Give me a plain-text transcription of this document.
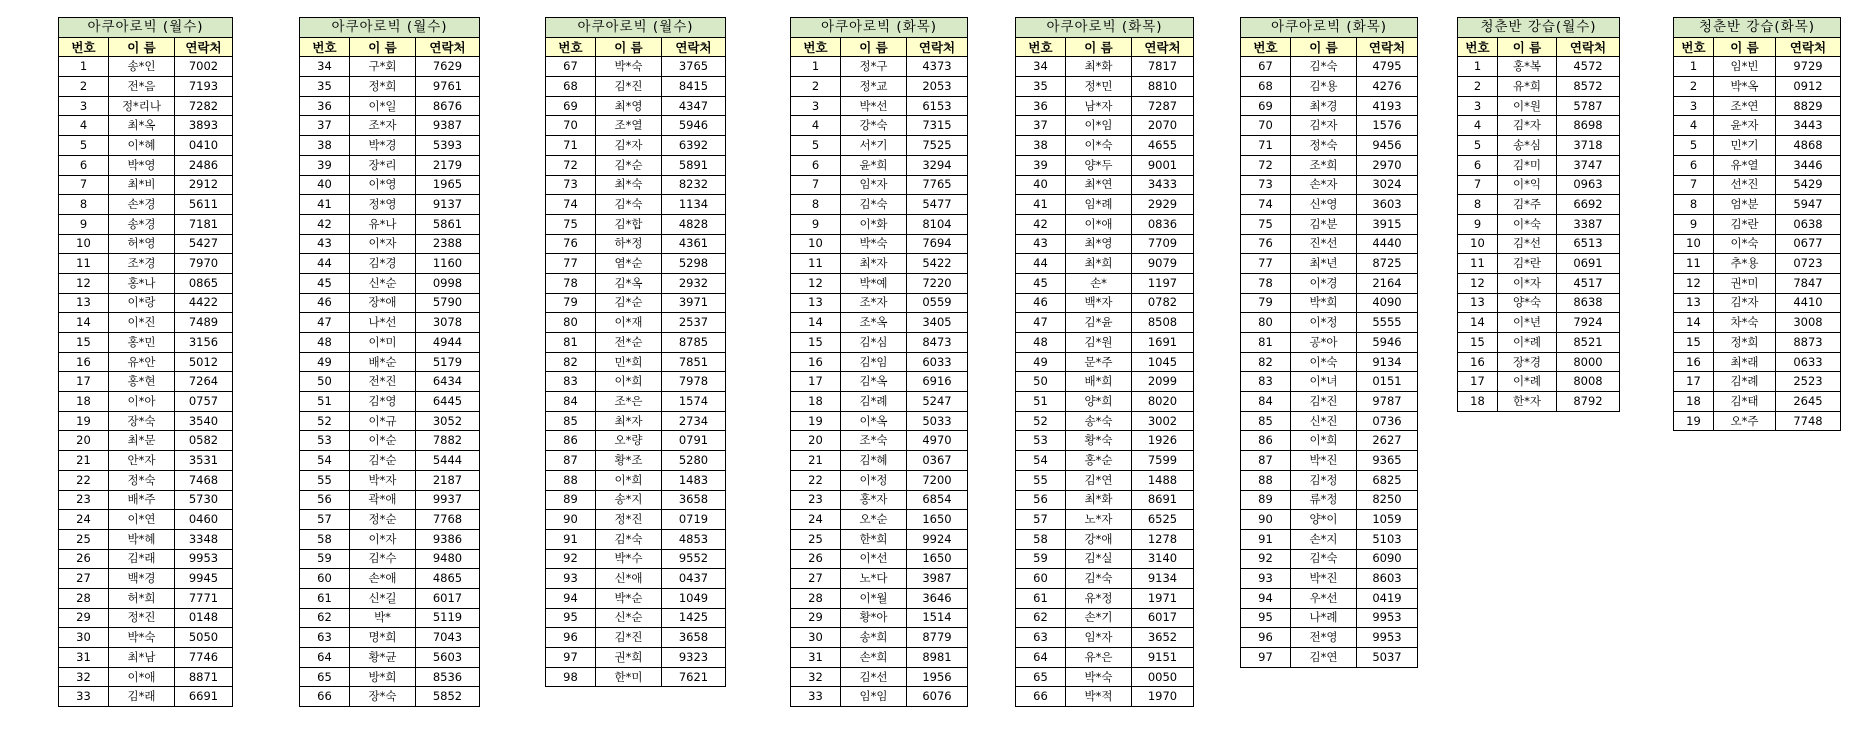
아쿠아로빅 (월수)		
번호	이 름	연락처
1	송*인	7002
2	전*음	7193
3	정*리나	7282
4	최*옥	3893
5	이*혜	0410
6	박*영	2486
7	최*비	2912
8	손*경	5611
9	송*경	7181
10	허*영	5427
11	조*경	7970
12	홍*나	0865
13	이*랑	4422
14	이*진	7489
15	홍*민	3156
16	유*안	5012
17	홍*현	7264
18	이*아	0757
19	장*숙	3540
20	최*문	0582
21	안*자	3531
22	정*숙	7468
23	배*주	5730
24	이*연	0460
25	박*혜	3348
26	김*래	9953
27	백*경	9945
28	허*희	7771
29	정*진	0148
30	박*숙	5050
31	최*남	7746
32	이*애	8871
33	김*래	6691
아쿠아로빅 (월수)		
번호	이 름	연락처
34	구*회	7629
35	정*희	9761
36	이*일	8676
37	조*자	9387
38	박*경	5393
39	장*리	2179
40	이*영	1965
41	정*영	9137
42	유*나	5861
43	이*자	2388
44	김*경	1160
45	신*순	0998
46	장*애	5790
47	나*선	3078
48	이*미	4944
49	배*순	5179
50	전*진	6434
51	김*영	6445
52	이*규	3052
53	이*순	7882
54	김*순	5444
55	박*자	2187
56	곽*애	9937
57	정*순	7768
58	이*자	9386
59	김*수	9480
60	손*애	4865
61	신*길	6017
62	박*	5119
63	명*희	7043
64	황*균	5603
65	방*희	8536
66	장*숙	5852
아쿠아로빅 (월수)		
번호	이 름	연락처
67	박*숙	3765
68	김*진	8415
69	최*영	4347
70	조*열	5946
71	김*자	6392
72	김*순	5891
73	최*숙	8232
74	김*숙	1134
75	김*합	4828
76	하*정	4361
77	염*순	5298
78	김*옥	2932
79	김*순	3971
80	이*재	2537
81	전*순	8785
82	민*희	7851
83	이*희	7978
84	조*은	1574
85	최*자	2734
86	오*량	0791
87	황*조	5280
88	이*희	1483
89	송*지	3658
90	정*진	0719
91	김*숙	4853
92	박*수	9552
93	신*애	0437
94	박*순	1049
95	신*순	1425
96	김*진	3658
97	권*희	9323
98	한*미	7621
아쿠아로빅 (화목)		
번호	이 름	연락처
1	정*구	4373
2	정*교	2053
3	박*선	6153
4	강*숙	7315
5	서*기	7525
6	윤*희	3294
7	임*자	7765
8	김*숙	5477
9	이*화	8104
10	박*숙	7694
11	최*자	5422
12	박*예	7220
13	조*자	0559
14	조*옥	3405
15	김*심	8473
16	김*임	6033
17	김*옥	6916
18	김*례	5247
19	이*옥	5033
20	조*숙	4970
21	김*혜	0367
22	이*정	7200
23	홍*자	6854
24	오*순	1650
25	한*희	9924
26	이*선	1650
27	노*다	3987
28	이*월	3646
29	황*아	1514
30	송*희	8779
31	손*희	8981
32	김*선	1956
33	임*임	6076
아쿠아로빅 (화목)		
번호	이 름	연락처
34	최*화	7817
35	정*민	8810
36	남*자	7287
37	이*임	2070
38	이*숙	4655
39	양*두	9001
40	최*연	3433
41	임*례	2929
42	이*애	0836
43	최*영	7709
44	최*희	9079
45	손*	1197
46	백*자	0782
47	김*윤	8508
48	김*원	1691
49	문*주	1045
50	배*희	2099
51	양*희	8020
52	송*숙	3002
53	황*숙	1926
54	홍*순	7599
55	김*연	1488
56	최*화	8691
57	노*자	6525
58	강*애	1278
59	김*실	3140
60	김*숙	9134
61	유*정	1971
62	손*기	6017
63	임*자	3652
64	유*은	9151
65	박*숙	0050
66	박*적	1970
아쿠아로빅 (화목)		
번호	이 름	연락처
67	김*숙	4795
68	김*용	4276
69	최*경	4193
70	김*자	1576
71	정*숙	9456
72	조*희	2970
73	손*자	3024
74	신*영	3603
75	김*분	3915
76	진*선	4440
77	최*년	8725
78	이*경	2164
79	박*희	4090
80	이*정	5555
81	공*아	5946
82	이*숙	9134
83	이*녀	0151
84	김*진	9787
85	신*진	0736
86	이*희	2627
87	박*진	9365
88	김*정	6825
89	류*정	8250
90	양*이	1059
91	손*지	5103
92	김*숙	6090
93	박*진	8603
94	우*선	0419
95	나*례	9953
96	전*영	9953
97	김*연	5037
청춘반 강습(월수)		
번호	이 름	연락처
1	홍*복	4572
2	유*희	8572
3	이*원	5787
4	김*자	8698
5	송*심	3718
6	김*미	3747
7	이*익	0963
8	김*주	6692
9	이*숙	3387
10	김*선	6513
11	김*란	0691
12	이*자	4517
13	양*숙	8638
14	이*년	7924
15	이*례	8521
16	장*경	8000
17	이*례	8008
18	한*자	8792
청춘반 강습(화목)		
번호	이 름	연락처
1	임*빈	9729
2	박*옥	0912
3	조*연	8829
4	윤*자	3443
5	민*기	4868
6	유*열	3446
7	선*진	5429
8	엄*분	5947
9	김*란	0638
10	이*숙	0677
11	추*용	0723
12	권*미	7847
13	김*자	4410
14	차*숙	3008
15	정*희	8873
16	최*래	0633
17	김*례	2523
18	김*태	2645
19	오*주	7748
